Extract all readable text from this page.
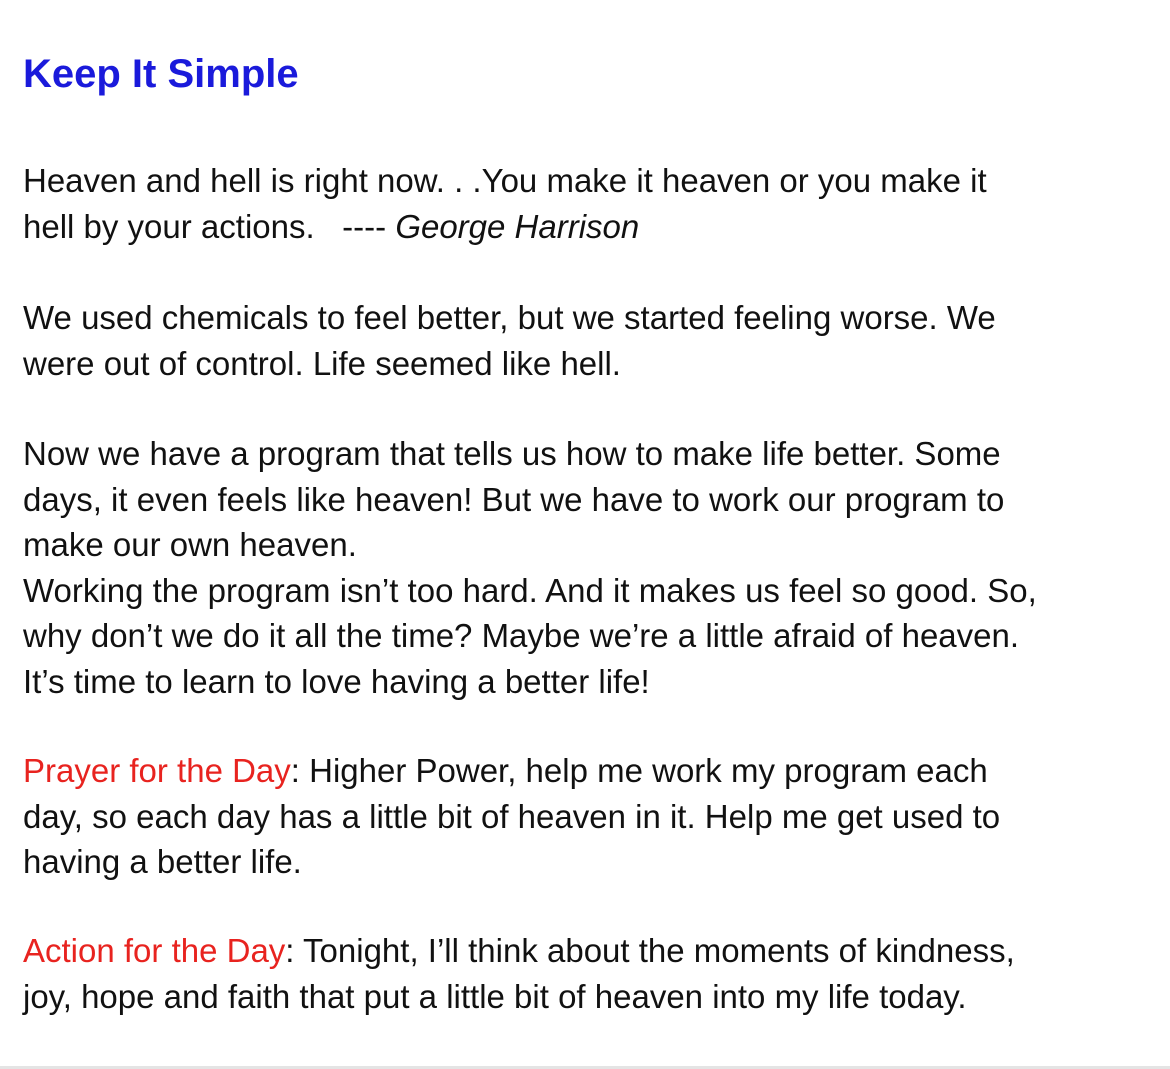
Keep It Simple

Heaven and hell is right now. . .You make it heaven or you make it
hell by your actions. ---- George Harrison

We used chemicals to feel better, but we started feeling worse. We
were out of control. Life seemed like hell.

Now we have a program that tells us how to make life better. Some
days, it even feels like heaven! But we have to work our program to
make our own heaven.
Working the program isn’t too hard. And it makes us feel so good. So,
why don’t we do it all the time? Maybe we’re a little afraid of heaven.
It’s time to learn to love having a better life!

Prayer for the Day: Higher Power, help me work my program each
day, so each day has a little bit of heaven in it. Help me get used to
having a better life.

Action for the Day: Tonight, I’ll think about the moments of kindness,
joy, hope and faith that put a little bit of heaven into my life today.
